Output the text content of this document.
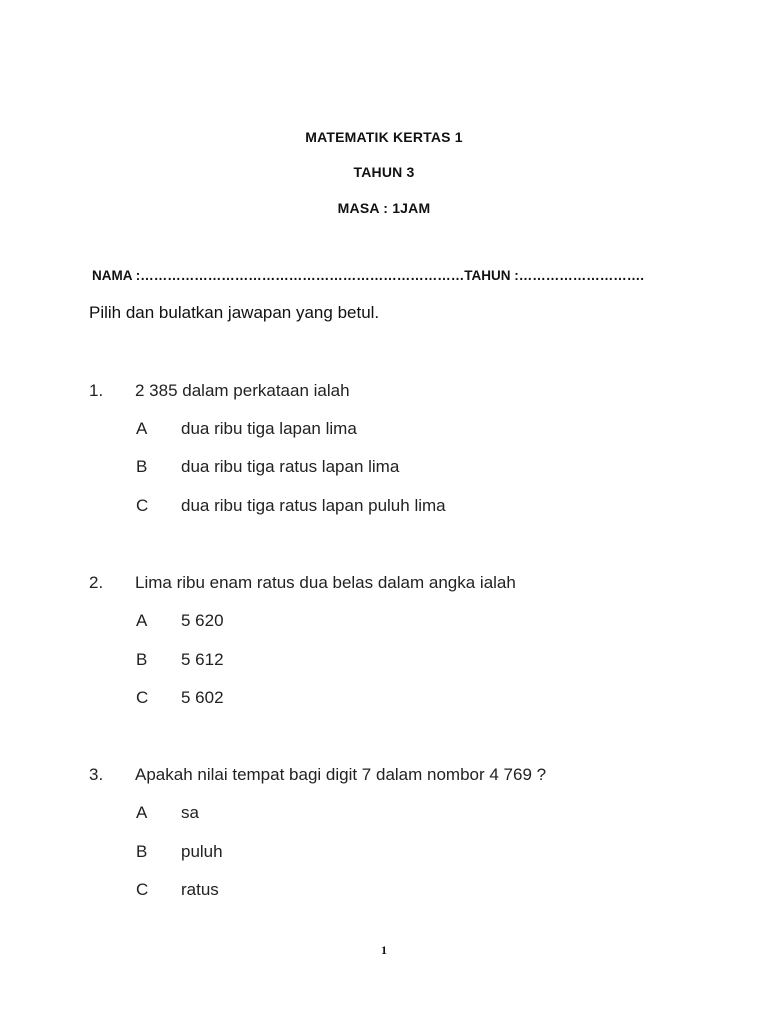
MATEMATIK KERTAS 1
TAHUN 3
MASA : 1JAM
NAMA :………………………………………………………………TAHUN :……………………….
Pilih dan bulatkan jawapan yang betul.
1. 2 385 dalam perkataan ialah
A dua ribu tiga lapan lima
B dua ribu tiga ratus lapan lima
C dua ribu tiga ratus lapan puluh lima
2. Lima ribu enam ratus dua belas dalam angka ialah
A 5 620
B 5 612
C 5 602
3. Apakah nilai tempat bagi digit 7 dalam nombor 4 769 ?
A sa
B puluh
C ratus
1
